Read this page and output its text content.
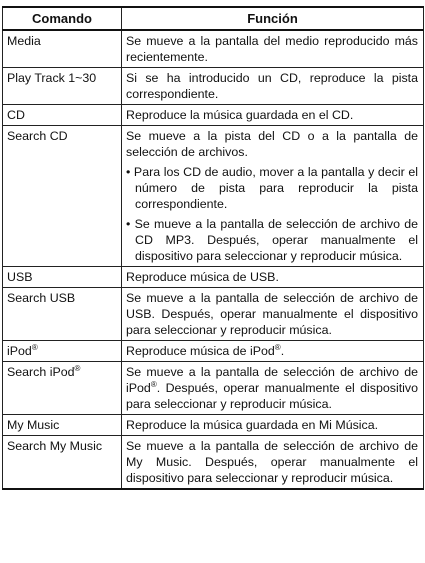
Comando	Función
Media	Se mueve a la pantalla del medio reproducido más recientemente.
Play Track 1~30	Si se ha introducido un CD, reproduce la pista correspondiente.
CD	Reproduce la música guardada en el CD.
Search CD	Se mueve a la pista del CD o a la pantalla de selección de archivos.
• Para los CD de audio, mover a la pantalla y decir el número de pista para reproducir la pista correspondiente.
• Se mueve a la pantalla de selección de archivo de CD MP3. Después, operar manualmente el dispositivo para seleccionar y reproducir música.

USB	Reproduce música de USB.
Search USB	Se mueve a la pantalla de selección de archivo de USB. Después, operar manualmente el dispositivo para seleccionar y reproducir música.
iPod®	Reproduce música de iPod®.
Search iPod®	Se mueve a la pantalla de selección de archivo de iPod®. Después, operar manualmente el dispositivo para seleccionar y reproducir música.
My Music	Reproduce la música guardada en Mi Música.
Search My Music	Se mueve a la pantalla de selección de archivo de My Music. Después, operar manualmente el dispositivo para seleccionar y reproducir música.
